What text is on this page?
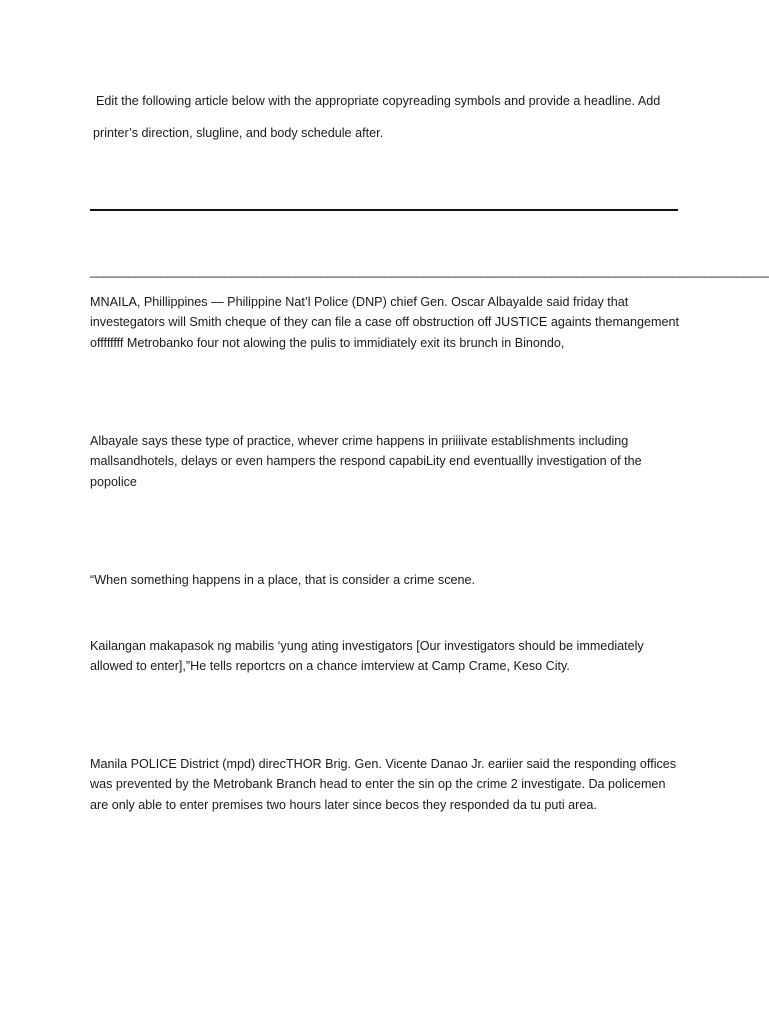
Edit the following article below with the appropriate copyreading symbols and provide a headline. Add

printer’s direction, slugline, and body schedule after.

__________________________________________________________________________________________________________

MNAILA, Phillippines — Philippine Nat’l Police (DNP) chief Gen. Oscar Albayalde said friday that investegators will Smith cheque of they can file a case off obstruction off JUSTICE againts themangement offffffff Metrobanko four not alowing the pulis to immidiately exit its brunch in Binondo,

Albayale says these type of practice, whever crime happens in priiiivate establishments including mallsandhotels, delays or even hampers the respond capabiLity end eventuallly investigation of the popolice

“When something happens in a place, that is consider a crime scene.

Kailangan makapasok ng mabilis ‘yung ating investigators [Our investigators should be immediately allowed to enter],”He tells reportcrs on a chance imterview at Camp Crame, Keso City.

Manila POLICE District (mpd) direcTHOR Brig. Gen. Vicente Danao Jr. eariier said the responding offices was prevented by the Metrobank Branch head to enter the sin op the crime 2 investigate. Da policemen are only able to enter premises two hours later since becos they responded da tu puti area.
